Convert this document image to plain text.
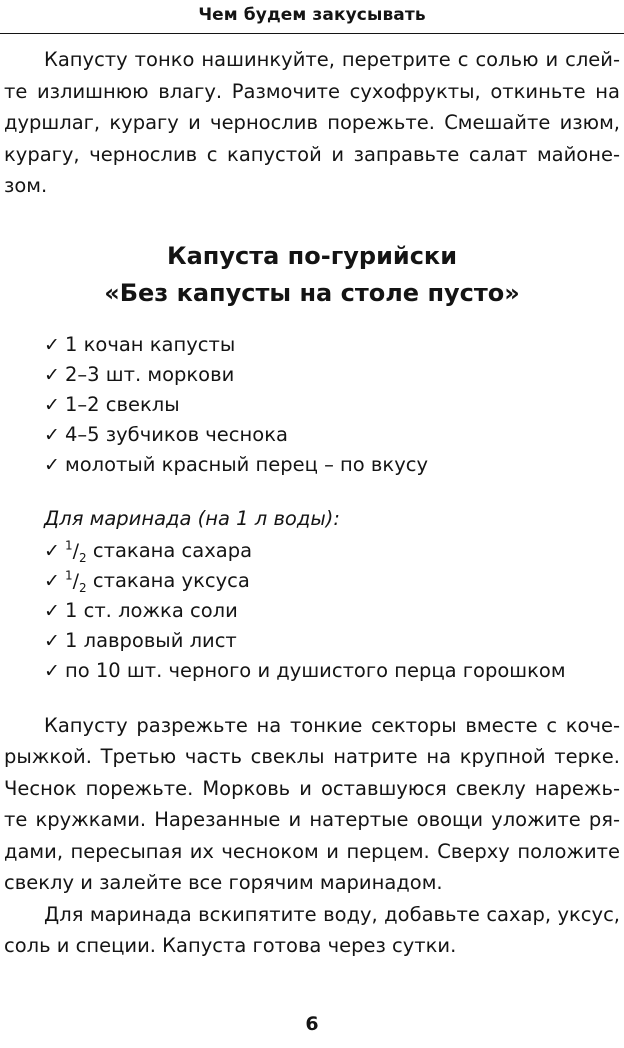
Чем будем закусывать

Капусту тонко нашинкуйте, перетрите с солью и слей-
те излишнюю влагу. Размочите сухофрукты, откиньте на
дуршлаг, курагу и чернослив порежьте. Смешайте изюм,
курагу, чернослив с капустой и заправьте салат майоне-
зом.

Капуста по-гурийски
«Без капусты на столе пусто»
✓ 1 кочан капусты
✓ 2–3 шт. моркови
✓ 1–2 свеклы
✓ 4–5 зубчиков чеснока
✓ молотый красный перец – по вкусу
Для маринада (на 1 л воды):
✓ $^1/_2$ стакана сахара
✓ $^1/_2$ стакана уксуса
✓ 1 ст. ложка соли
✓ 1 лавровый лист
✓ по 10 шт. черного и душистого перца горошком

Капусту разрежьте на тонкие секторы вместе с коче-
рыжкой. Третью часть свеклы натрите на крупной терке.
Чеснок порежьте. Морковь и оставшуюся свеклу нарежь-
те кружками. Нарезанные и натертые овощи уложите ря-
дами, пересыпая их чесноком и перцем. Сверху положите
свеклу и залейте все горячим маринадом.

Для маринада вскипятите воду, добавьте сахар, уксус,
соль и специи. Капуста готова через сутки.

6
